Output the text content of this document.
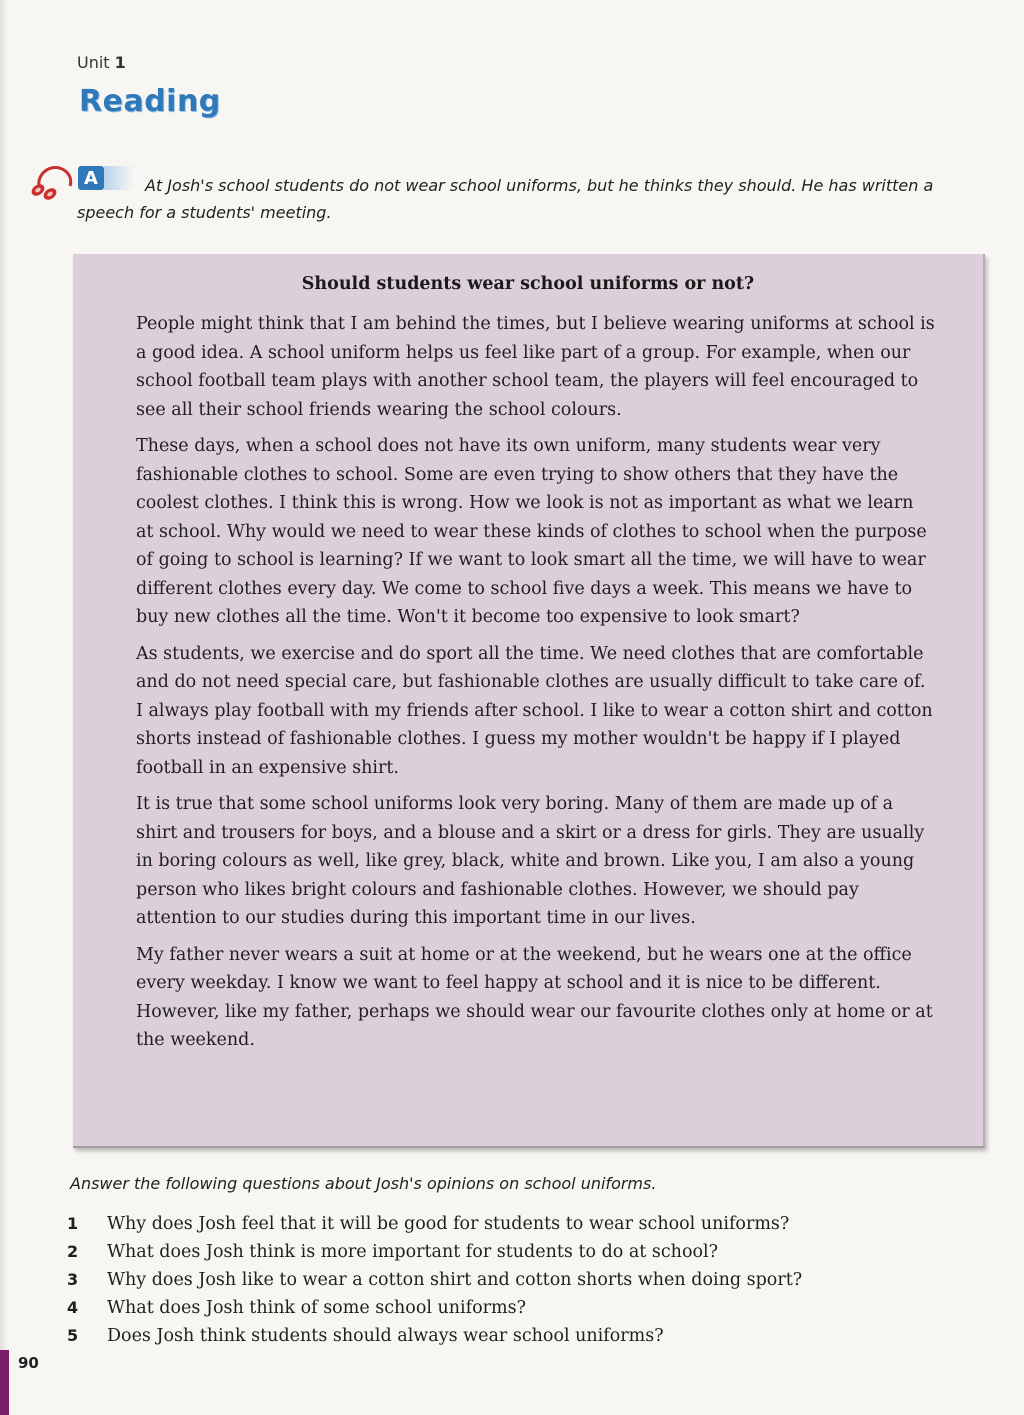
Unit 1
Reading
A	At Josh's school students do not wear school uniforms, but he thinks they should. He has written a speech for a students' meeting.
Should students wear school uniforms or not?

People might think that I am behind the times, but I believe wearing uniforms at school is a good idea. A school uniform helps us feel like part of a group. For example, when our school football team plays with another school team, the players will feel encouraged to see all their school friends wearing the school colours.

These days, when a school does not have its own uniform, many students wear very fashionable clothes to school. Some are even trying to show others that they have the coolest clothes. I think this is wrong. How we look is not as important as what we learn at school. Why would we need to wear these kinds of clothes to school when the purpose of going to school is learning? If we want to look smart all the time, we will have to wear different clothes every day. We come to school five days a week. This means we have to buy new clothes all the time. Won't it become too expensive to look smart?

As students, we exercise and do sport all the time. We need clothes that are comfortable and do not need special care, but fashionable clothes are usually difficult to take care of. I always play football with my friends after school. I like to wear a cotton shirt and cotton shorts instead of fashionable clothes. I guess my mother wouldn't be happy if I played football in an expensive shirt.

It is true that some school uniforms look very boring. Many of them are made up of a shirt and trousers for boys, and a blouse and a skirt or a dress for girls. They are usually in boring colours as well, like grey, black, white and brown. Like you, I am also a young person who likes bright colours and fashionable clothes. However, we should pay attention to our studies during this important time in our lives.

My father never wears a suit at home or at the weekend, but he wears one at the office every weekday. I know we want to feel happy at school and it is nice to be different. However, like my father, perhaps we should wear our favourite clothes only at home or at the weekend.

Answer the following questions about Josh's opinions on school uniforms.
1	Why does Josh feel that it will be good for students to wear school uniforms?
2	What does Josh think is more important for students to do at school?
3	Why does Josh like to wear a cotton shirt and cotton shorts when doing sport?
4	What does Josh think of some school uniforms?
5	Does Josh think students should always wear school uniforms?
90
